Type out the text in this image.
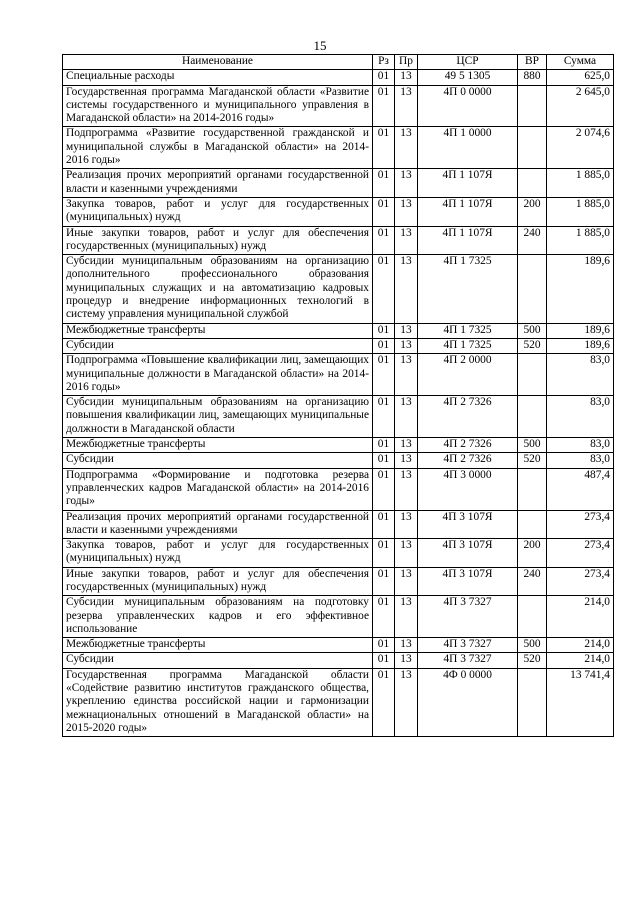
15
Наименование	Рз	Пр	ЦСР	ВР	Сумма
Специальные расходы	01	13	49 5 1305	880	625,0
Государственная программа Магаданской области «Развитие системы государственного и муниципального управления в Магаданской области» на 2014-2016 годы»	01	13	4П 0 0000		2 645,0
Подпрограмма «Развитие государственной гражданской и муниципальной службы в Магаданской области» на 2014-2016 годы»	01	13	4П 1 0000		2 074,6
Реализация прочих мероприятий органами государственной власти и казенными учреждениями	01	13	4П 1 107Я		1 885,0
Закупка товаров, работ и услуг для государственных (муниципальных) нужд	01	13	4П 1 107Я	200	1 885,0
Иные закупки товаров, работ и услуг для обеспечения государственных (муниципальных) нужд	01	13	4П 1 107Я	240	1 885,0
Субсидии муниципальным образованиям на организацию дополнительного профессионального образования муниципальных служащих и на автоматизацию кадровых процедур и внедрение информационных технологий в систему управления муниципальной службой	01	13	4П 1 7325		189,6
Межбюджетные трансферты	01	13	4П 1 7325	500	189,6
Субсидии	01	13	4П 1 7325	520	189,6
Подпрограмма «Повышение квалификации лиц, замещающих муниципальные должности в Магаданской области» на 2014-2016 годы»	01	13	4П 2 0000		83,0
Субсидии муниципальным образованиям на организацию повышения квалификации лиц, замещающих муниципальные должности в Магаданской области	01	13	4П 2 7326		83,0
Межбюджетные трансферты	01	13	4П 2 7326	500	83,0
Субсидии	01	13	4П 2 7326	520	83,0
Подпрограмма «Формирование и подготовка резерва управленческих кадров Магаданской области» на 2014-2016 годы»	01	13	4П 3 0000		487,4
Реализация прочих мероприятий органами государственной власти и казенными учреждениями	01	13	4П 3 107Я		273,4
Закупка товаров, работ и услуг для государственных (муниципальных) нужд	01	13	4П 3 107Я	200	273,4
Иные закупки товаров, работ и услуг для обеспечения государственных (муниципальных) нужд	01	13	4П 3 107Я	240	273,4
Субсидии муниципальным образованиям на подготовку резерва управленческих кадров и его эффективное использование	01	13	4П 3 7327		214,0
Межбюджетные трансферты	01	13	4П 3 7327	500	214,0
Субсидии	01	13	4П 3 7327	520	214,0
Государственная программа Магаданской области «Содействие развитию институтов гражданского общества, укреплению единства российской нации и гармонизации межнациональных отношений в Магаданской области» на 2015-2020 годы»	01	13	4Ф 0 0000		13 741,4
